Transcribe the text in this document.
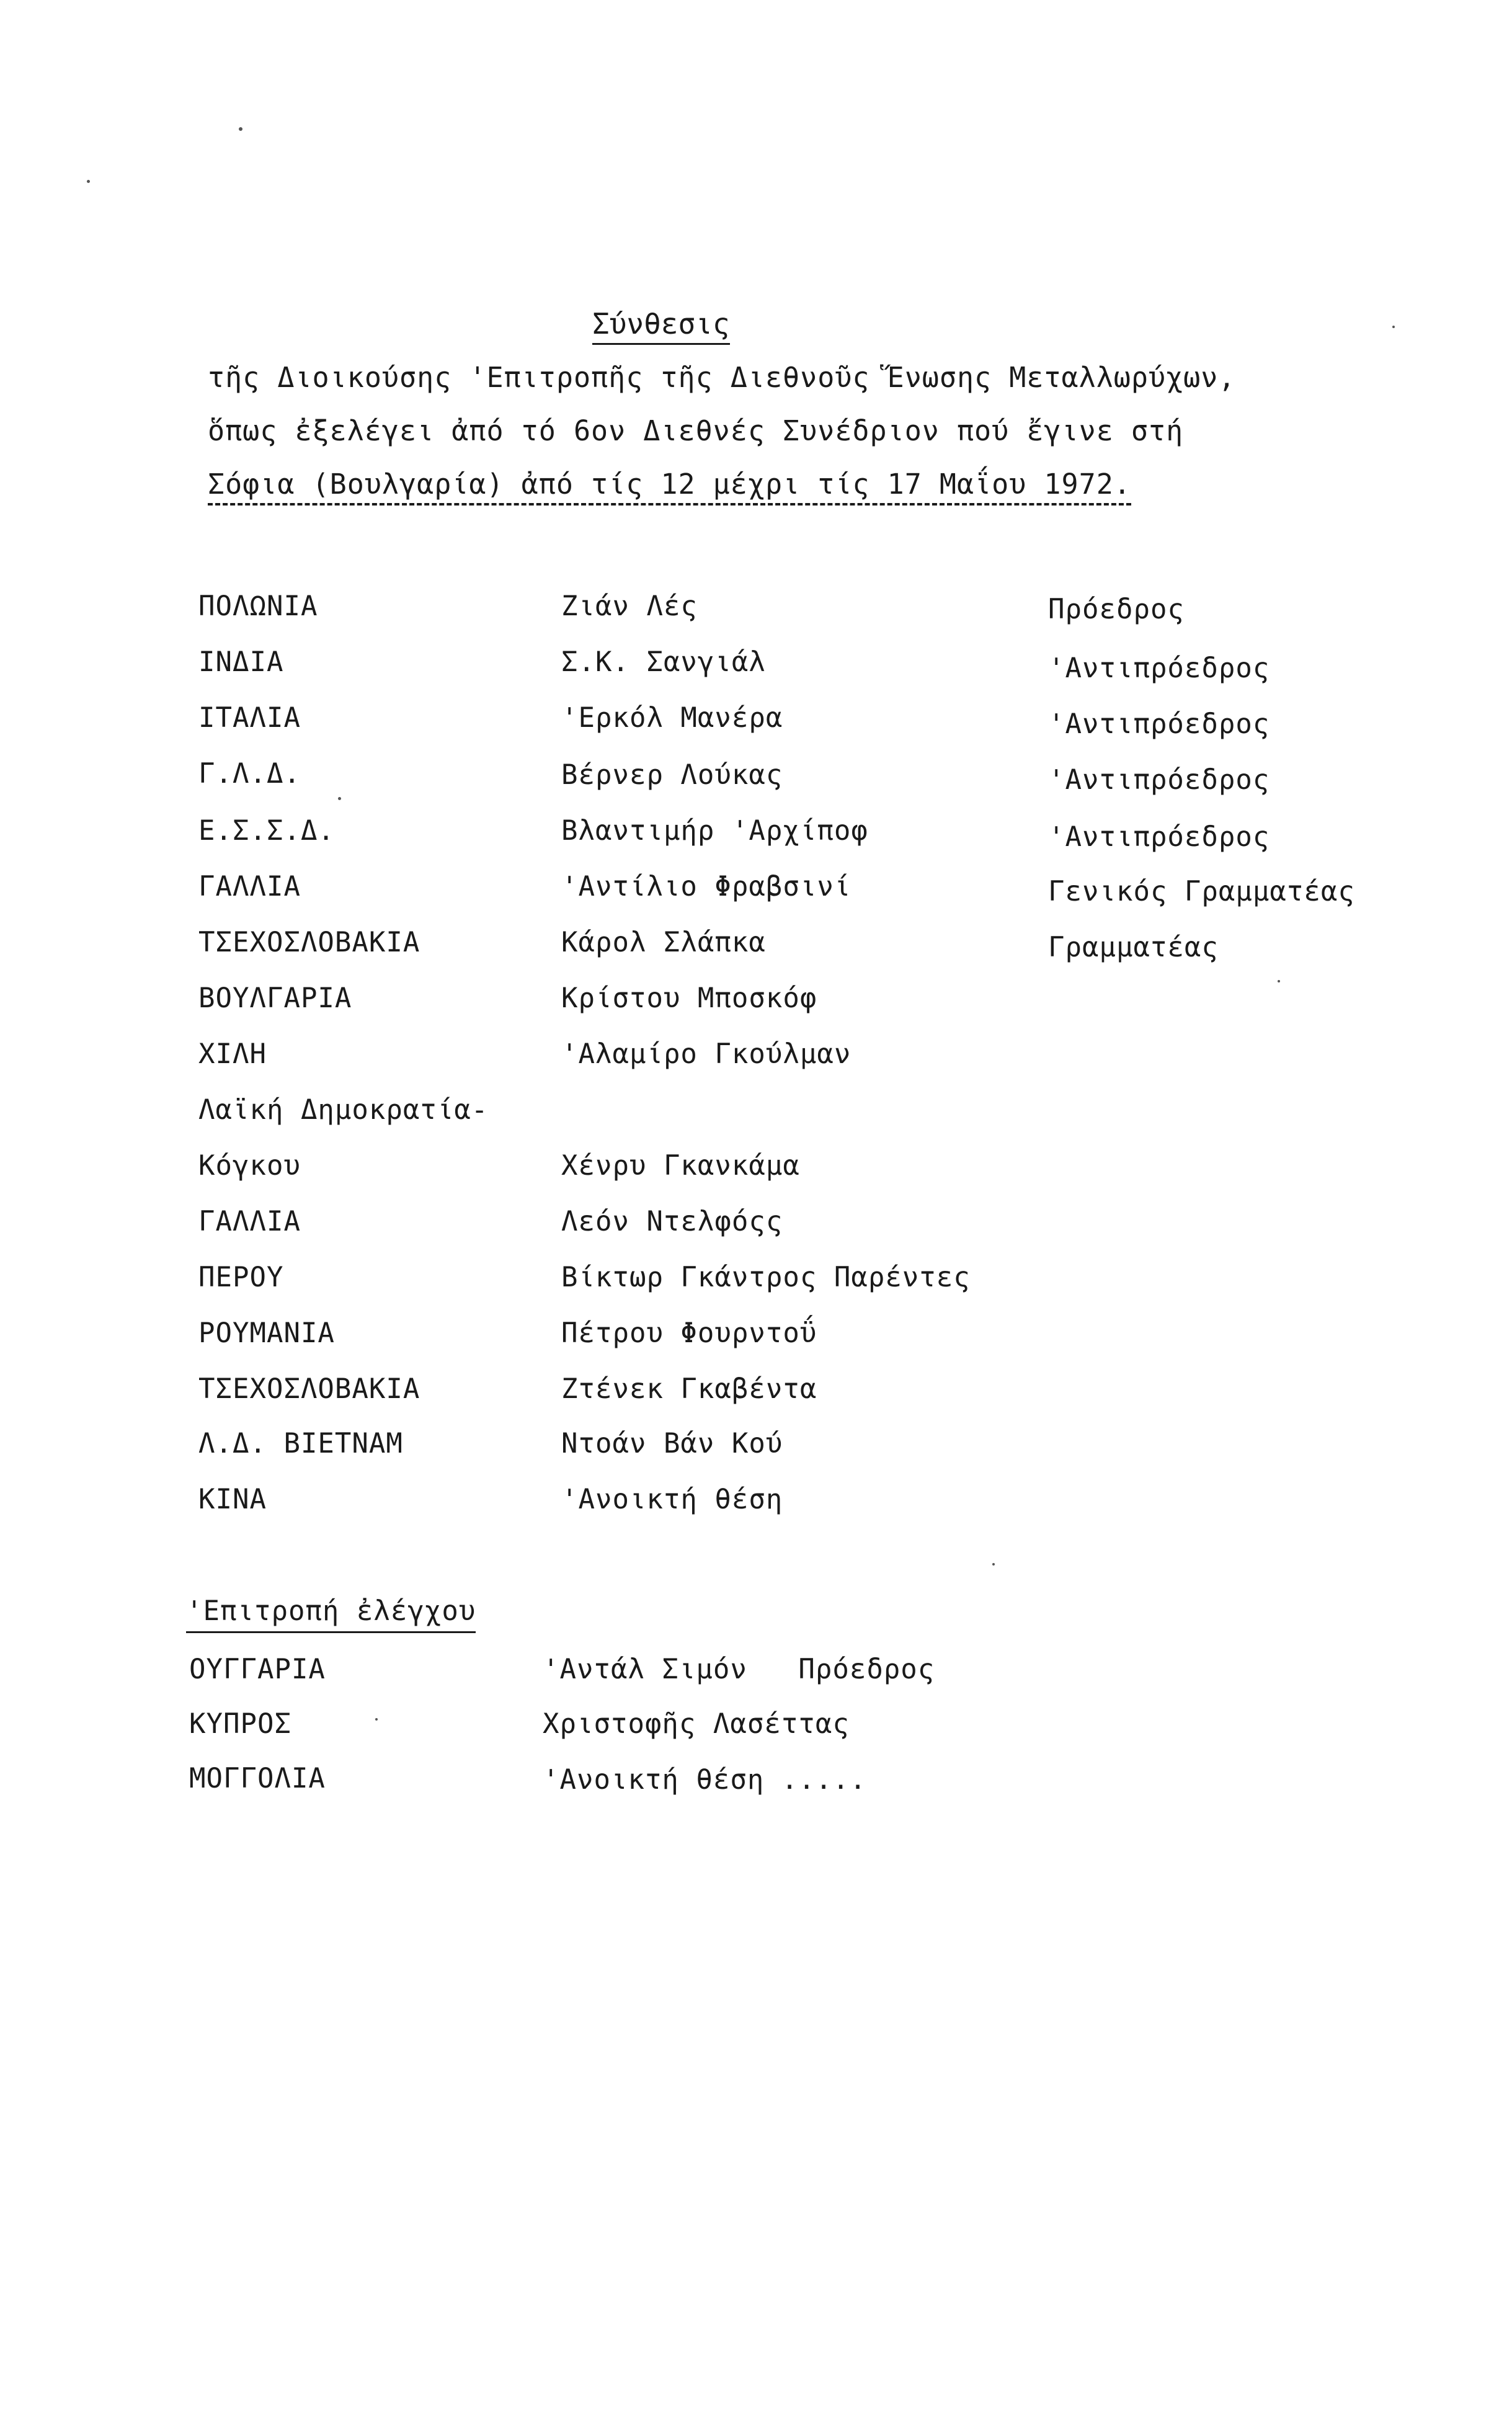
Σύνθεσις
τῆς Διοικούσης 'Επιτροπῆς τῆς Διεθνοῦς Ἕνωσης Μεταλλωρύχων,
ὅπως ἐξελέγει ἀπό τό 6ον Διεθνές Συνέδριον πού ἔγινε στή
Σόφια (Βουλγαρία) ἀπό τίς 12 μέχρι τίς 17 Μαΐου 1972.
ΠΟΛΩΝΙΑ	Ζιάν Λές	Πρόεδρος
ΙΝΔΙΑ	Σ.Κ. Σανγιάλ	'Αντιπρόεδρος
ΙΤΑΛΙΑ	'Ερκόλ Μανέρα	'Αντιπρόεδρος
Γ.Λ.Δ.	Βέρνερ Λούκας	'Αντιπρόεδρος
Ε.Σ.Σ.Δ.	Βλαντιμήρ 'Αρχίποφ	'Αντιπρόεδρος
ΓΑΛΛΙΑ	'Αντίλιο Φραβσινί	Γενικός Γραμματέας
ΤΣΕΧΟΣΛΟΒΑΚΙΑ	Κάρολ Σλάπκα	Γραμματέας
ΒΟΥΛΓΑΡΙΑ	Κρίστου Μποσκόφ
ΧΙΛΗ	'Αλαμίρο Γκούλμαν
Λαϊκή Δημοκρατία-
Κόγκου	Χένρυ Γκανκάμα
ΓΑΛΛΙΑ	Λεόν Ντελφόςς
ΠΕΡΟΥ	Βίκτωρ Γκάντρος Παρέντες
ΡΟΥΜΑΝΙΑ	Πέτρου Φουρντοΰ
ΤΣΕΧΟΣΛΟΒΑΚΙΑ	Ζτένεκ Γκαβέντα
Λ.Δ. ΒΙΕΤΝΑΜ	Ντοάν Βάν Κού
ΚΙΝΑ	'Ανοικτή θέση
'Επιτροπή ἐλέγχου
ΟΥΓΓΑΡΙΑ	'Αντάλ Σιμόν   Πρόεδρος
ΚΥΠΡΟΣ	Χριστοφῆς Λασέττας
ΜΟΓΓΟΛΙΑ	'Ανοικτή θέση .....
